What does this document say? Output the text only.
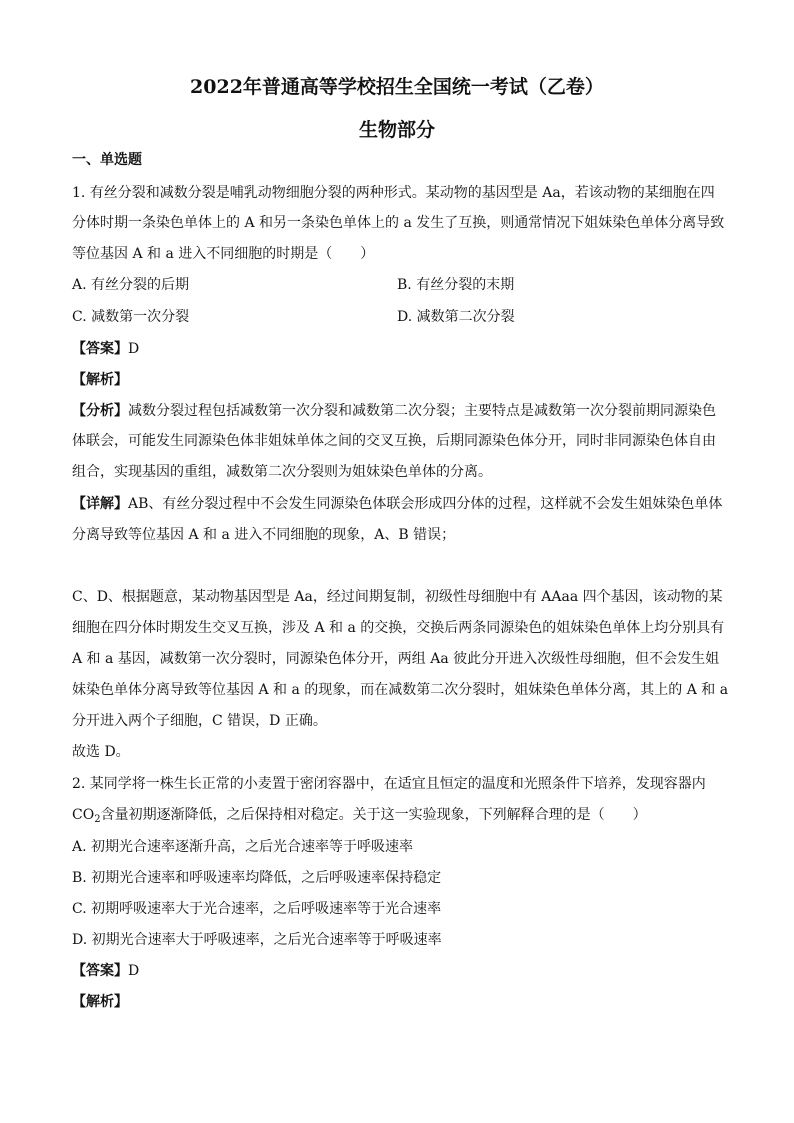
2022年普通高等学校招生全国统一考试（乙卷）
生物部分
一、单选题
1. 有丝分裂和减数分裂是哺乳动物细胞分裂的两种形式。某动物的基因型是 Aa，若该动物的某细胞在四
分体时期一条染色单体上的 A 和另一条染色单体上的 a 发生了互换，则通常情况下姐妹染色单体分离导致
等位基因 A 和 a 进入不同细胞的时期是（　　）
A. 有丝分裂的后期	B. 有丝分裂的末期
C. 减数第一次分裂	D. 减数第二次分裂
【答案】D
【解析】
【分析】减数分裂过程包括减数第一次分裂和减数第二次分裂；主要特点是减数第一次分裂前期同源染色
体联会，可能发生同源染色体非姐妹单体之间的交叉互换，后期同源染色体分开，同时非同源染色体自由
组合，实现基因的重组，减数第二次分裂则为姐妹染色单体的分离。
【详解】AB、有丝分裂过程中不会发生同源染色体联会形成四分体的过程，这样就不会发生姐妹染色单体
分离导致等位基因 A 和 a 进入不同细胞的现象，A、B 错误；
C、D、根据题意，某动物基因型是 Aa，经过间期复制，初级性母细胞中有 AAaa 四个基因，该动物的某
细胞在四分体时期发生交叉互换，涉及 A 和 a 的交换，交换后两条同源染色的姐妹染色单体上均分别具有
A 和 a 基因，减数第一次分裂时，同源染色体分开，两组 Aa 彼此分开进入次级性母细胞，但不会发生姐
妹染色单体分离导致等位基因 A 和 a 的现象，而在减数第二次分裂时，姐妹染色单体分离，其上的 A 和 a
分开进入两个子细胞，C 错误，D 正确。
故选 D。
2. 某同学将一株生长正常的小麦置于密闭容器中，在适宜且恒定的温度和光照条件下培养，发现容器内
$CO_2$含量初期逐渐降低，之后保持相对稳定。关于这一实验现象，下列解释合理的是（　　）
A. 初期光合速率逐渐升高，之后光合速率等于呼吸速率
B. 初期光合速率和呼吸速率均降低，之后呼吸速率保持稳定
C. 初期呼吸速率大于光合速率，之后呼吸速率等于光合速率
D. 初期光合速率大于呼吸速率，之后光合速率等于呼吸速率
【答案】D
【解析】
